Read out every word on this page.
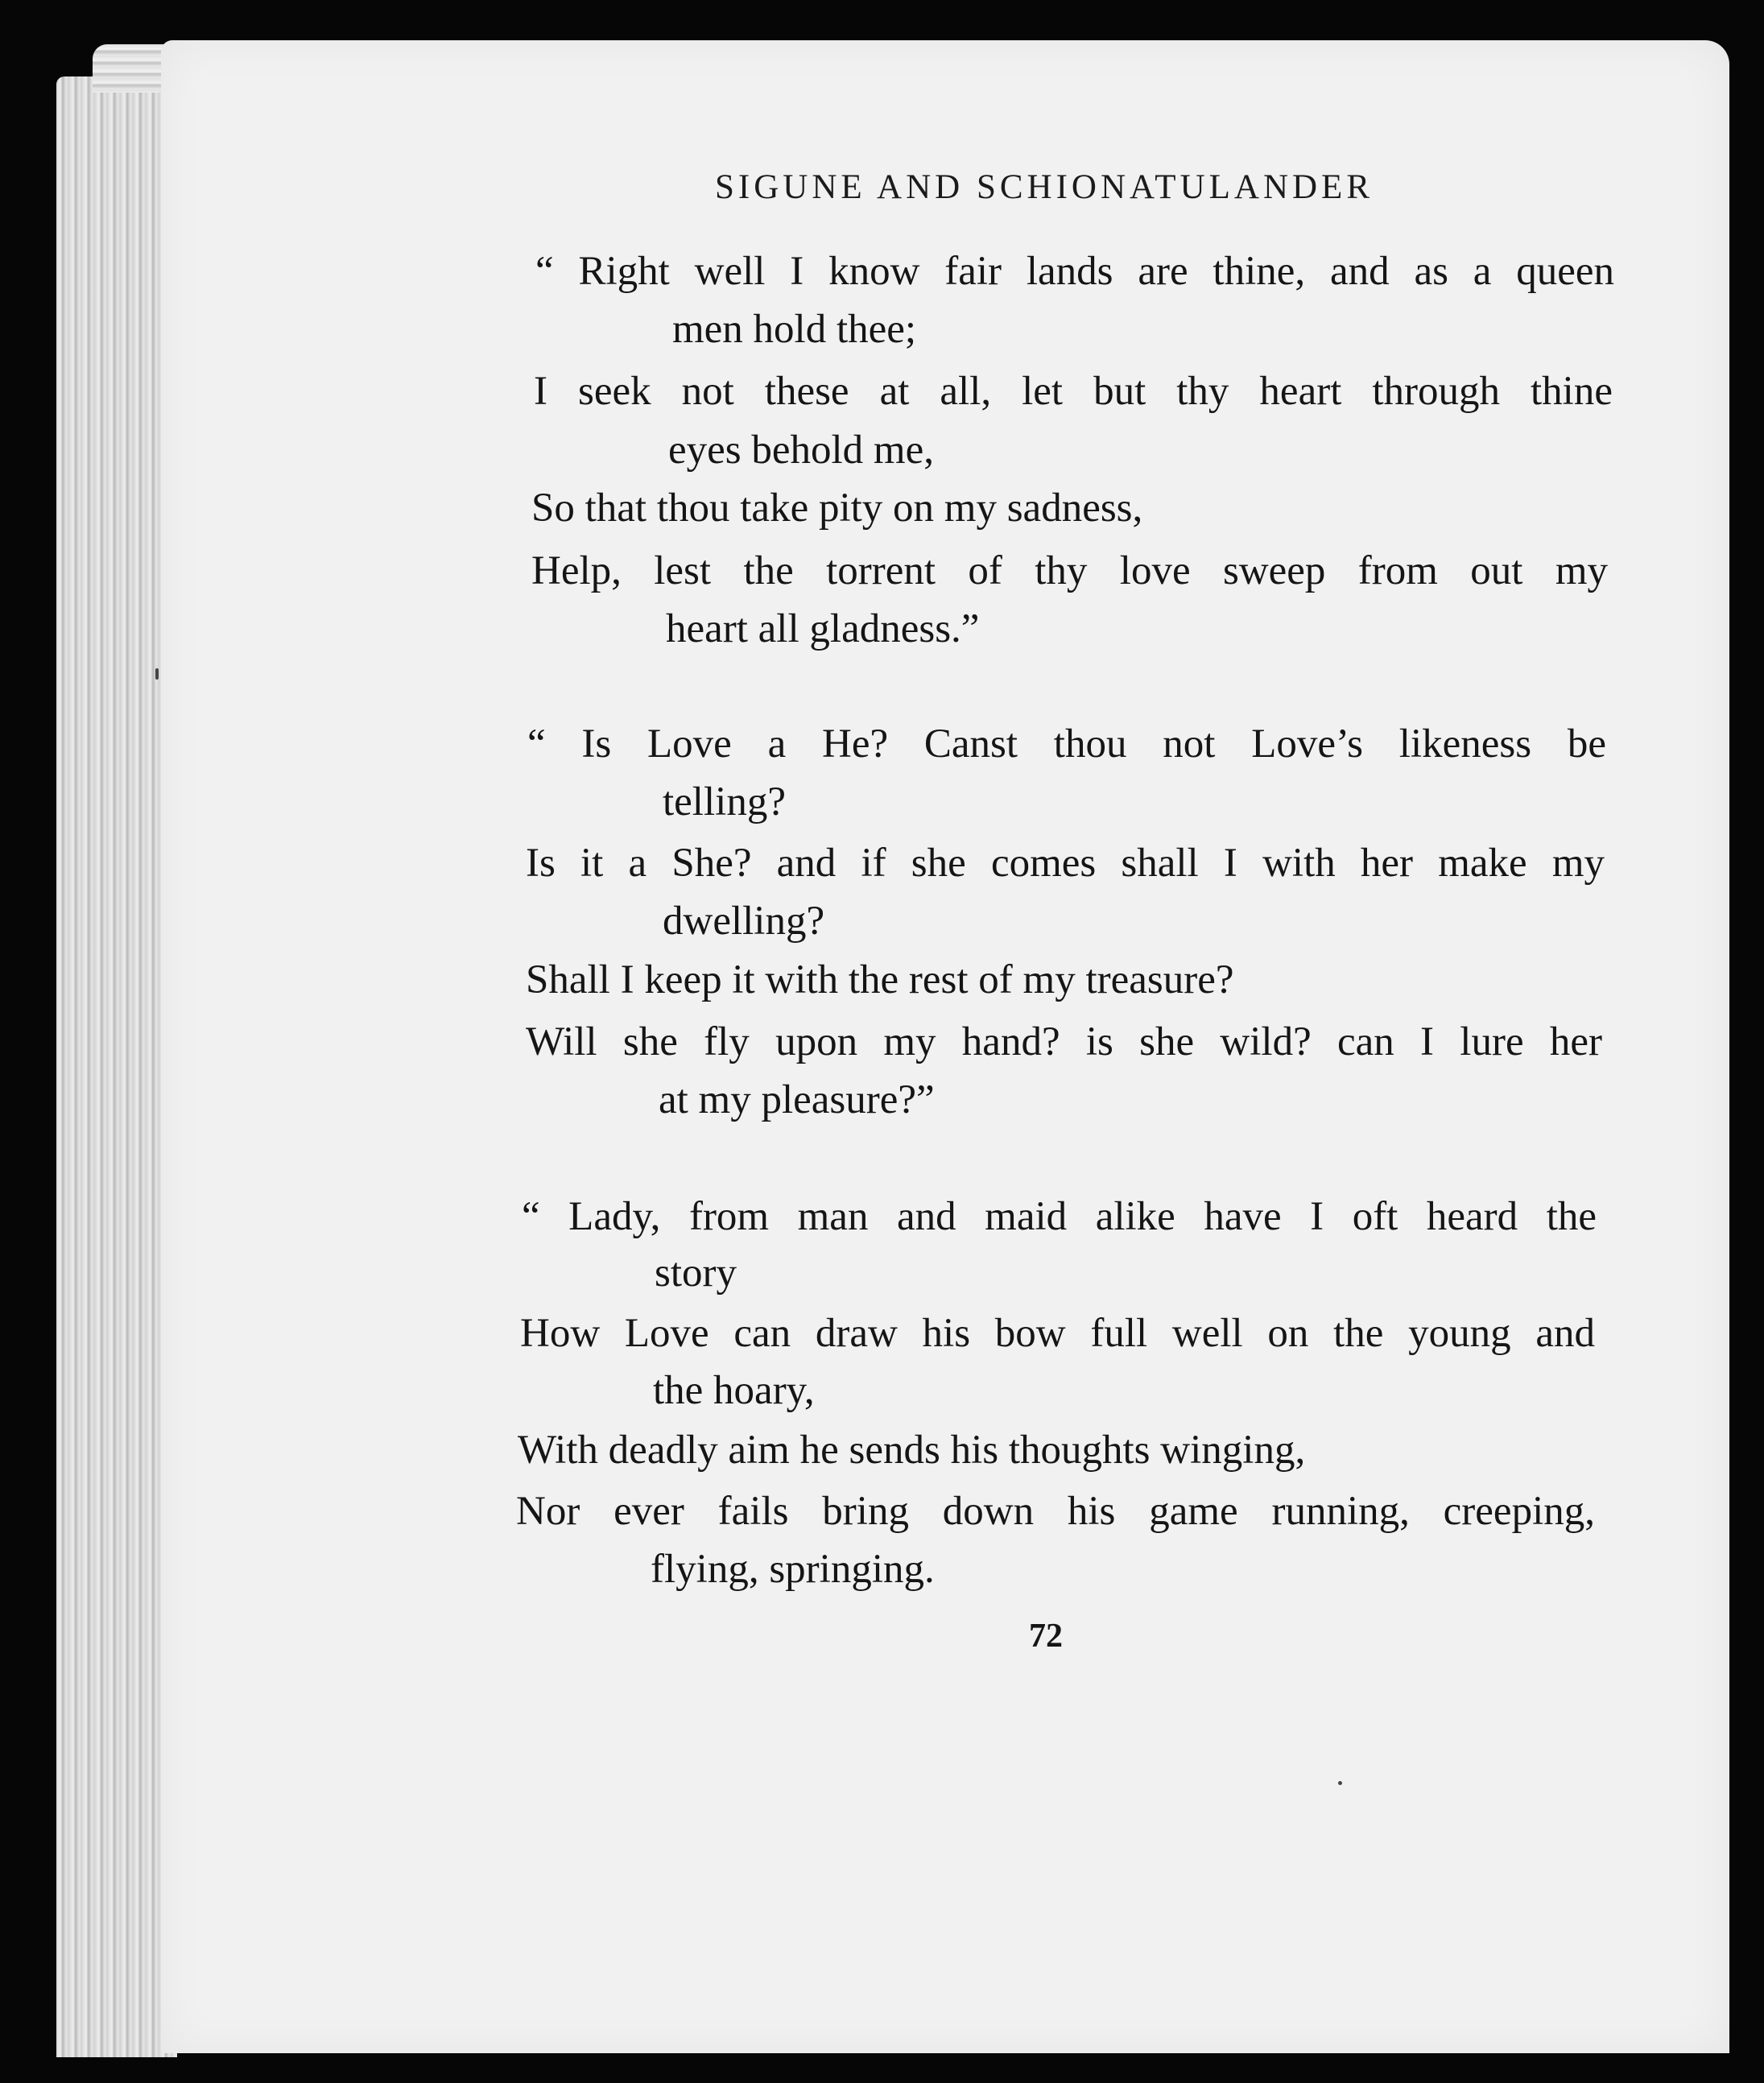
SIGUNE AND SCHIONATULANDER

“ Right well I know fair lands are thine, and as a queen

men hold thee;

I seek not these at all, let but thy heart through thine

eyes behold me,

So that thou take pity on my sadness,

Help, lest the torrent of thy love sweep from out my

heart all gladness.”

“ Is Love a He? Canst thou not Love’s likeness be

telling?

Is it a She? and if she comes shall I with her make my

dwelling?

Shall I keep it with the rest of my treasure?

Will she fly upon my hand? is she wild? can I lure her

at my pleasure?”

“ Lady, from man and maid alike have I oft heard the

story

How Love can draw his bow full well on the young and

the hoary,

With deadly aim he sends his thoughts winging,

Nor ever fails bring down his game running, creeping,

flying, springing.

72
